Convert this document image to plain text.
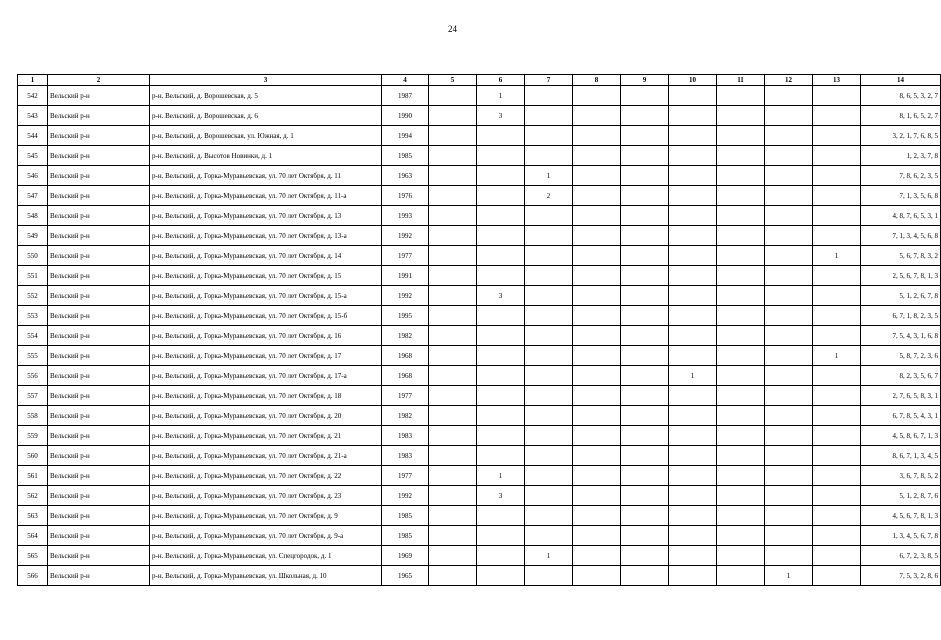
24
1	2	3	4	5	6	7	8	9	10	11	12	13	14
542	Вельский р-н	р-н. Вельский, д. Ворошевская, д. 5	1987		1								8, 6, 5, 3, 2, 7
543	Вельский р-н	р-н. Вельский, д. Ворошевская, д. 6	1990		3								8, 1, 6, 5, 2, 7
544	Вельский р-н	р-н. Вельский, д. Ворошевская, ул. Южная, д. 1	1994										3, 2, 1, 7, 6, 8, 5
545	Вельский р-н	р-н. Вельский, д. Высотов Новинки, д. 1	1985										1, 2, 3, 7, 8
546	Вельский р-н	р-н. Вельский, д. Горка-Муравьевская, ул. 70 лет Октября, д. 11	1963			1							7, 8, 6, 2, 3, 5
547	Вельский р-н	р-н. Вельский, д. Горка-Муравьевская, ул. 70 лет Октября, д. 11-а	1976			2							7, 1, 3, 5, 6, 8
548	Вельский р-н	р-н. Вельский, д. Горка-Муравьевская, ул. 70 лет Октября, д. 13	1993										4, 8, 7, 6, 5, 3, 1
549	Вельский р-н	р-н. Вельский, д. Горка-Муравьевская, ул. 70 лет Октября, д. 13-а	1992										7, 1, 3, 4, 5, 6, 8
550	Вельский р-н	р-н. Вельский, д. Горка-Муравьевская, ул. 70 лет Октября, д. 14	1977									1	5, 6, 7, 8, 3, 2
551	Вельский р-н	р-н. Вельский, д. Горка-Муравьевская, ул. 70 лет Октября, д. 15	1991										2, 5, 6, 7, 8, 1, 3
552	Вельский р-н	р-н. Вельский, д. Горка-Муравьевская, ул. 70 лет Октября, д. 15-а	1992		3								5, 1, 2, 6, 7, 8
553	Вельский р-н	р-н. Вельский, д. Горка-Муравьевская, ул. 70 лет Октября, д. 15-б	1995										6, 7, 1, 8, 2, 3, 5
554	Вельский р-н	р-н. Вельский, д. Горка-Муравьевская, ул. 70 лет Октября, д. 16	1982										7, 5, 4, 3, 1, 6, 8
555	Вельский р-н	р-н. Вельский, д. Горка-Муравьевская, ул. 70 лет Октября, д. 17	1968									1	5, 8, 7, 2, 3, 6
556	Вельский р-н	р-н. Вельский, д. Горка-Муравьевская, ул. 70 лет Октября, д. 17-а	1968						1				8, 2, 3, 5, 6, 7
557	Вельский р-н	р-н. Вельский, д. Горка-Муравьевская, ул. 70 лет Октября, д. 18	1977										2, 7, 6, 5, 8, 3, 1
558	Вельский р-н	р-н. Вельский, д. Горка-Муравьевская, ул. 70 лет Октября, д. 20	1982										6, 7, 8, 5, 4, 3, 1
559	Вельский р-н	р-н. Вельский, д. Горка-Муравьевская, ул. 70 лет Октября, д. 21	1983										4, 5, 8, 6, 7, 1, 3
560	Вельский р-н	р-н. Вельский, д. Горка-Муравьевская, ул. 70 лет Октября, д. 21-а	1983										8, 6, 7, 1, 3, 4, 5
561	Вельский р-н	р-н. Вельский, д. Горка-Муравьевская, ул. 70 лет Октября, д. 22	1977		1								3, 6, 7, 8, 5, 2
562	Вельский р-н	р-н. Вельский, д. Горка-Муравьевская, ул. 70 лет Октября, д. 23	1992		3								5, 1, 2, 8, 7, 6
563	Вельский р-н	р-н. Вельский, д. Горка-Муравьевская, ул. 70 лет Октября, д. 9	1985										4, 5, 6, 7, 8, 1, 3
564	Вельский р-н	р-н. Вельский, д. Горка-Муравьевская, ул. 70 лет Октября, д. 9-а	1985										1, 3, 4, 5, 6, 7, 8
565	Вельский р-н	р-н. Вельский, д. Горка-Муравьевская, ул. Спецгородок, д. 1	1969			1							6, 7, 2, 3, 8, 5
566	Вельский р-н	р-н. Вельский, д. Горка-Муравьевская, ул. Школьная, д. 10	1965								1		7, 5, 3, 2, 8, 6
